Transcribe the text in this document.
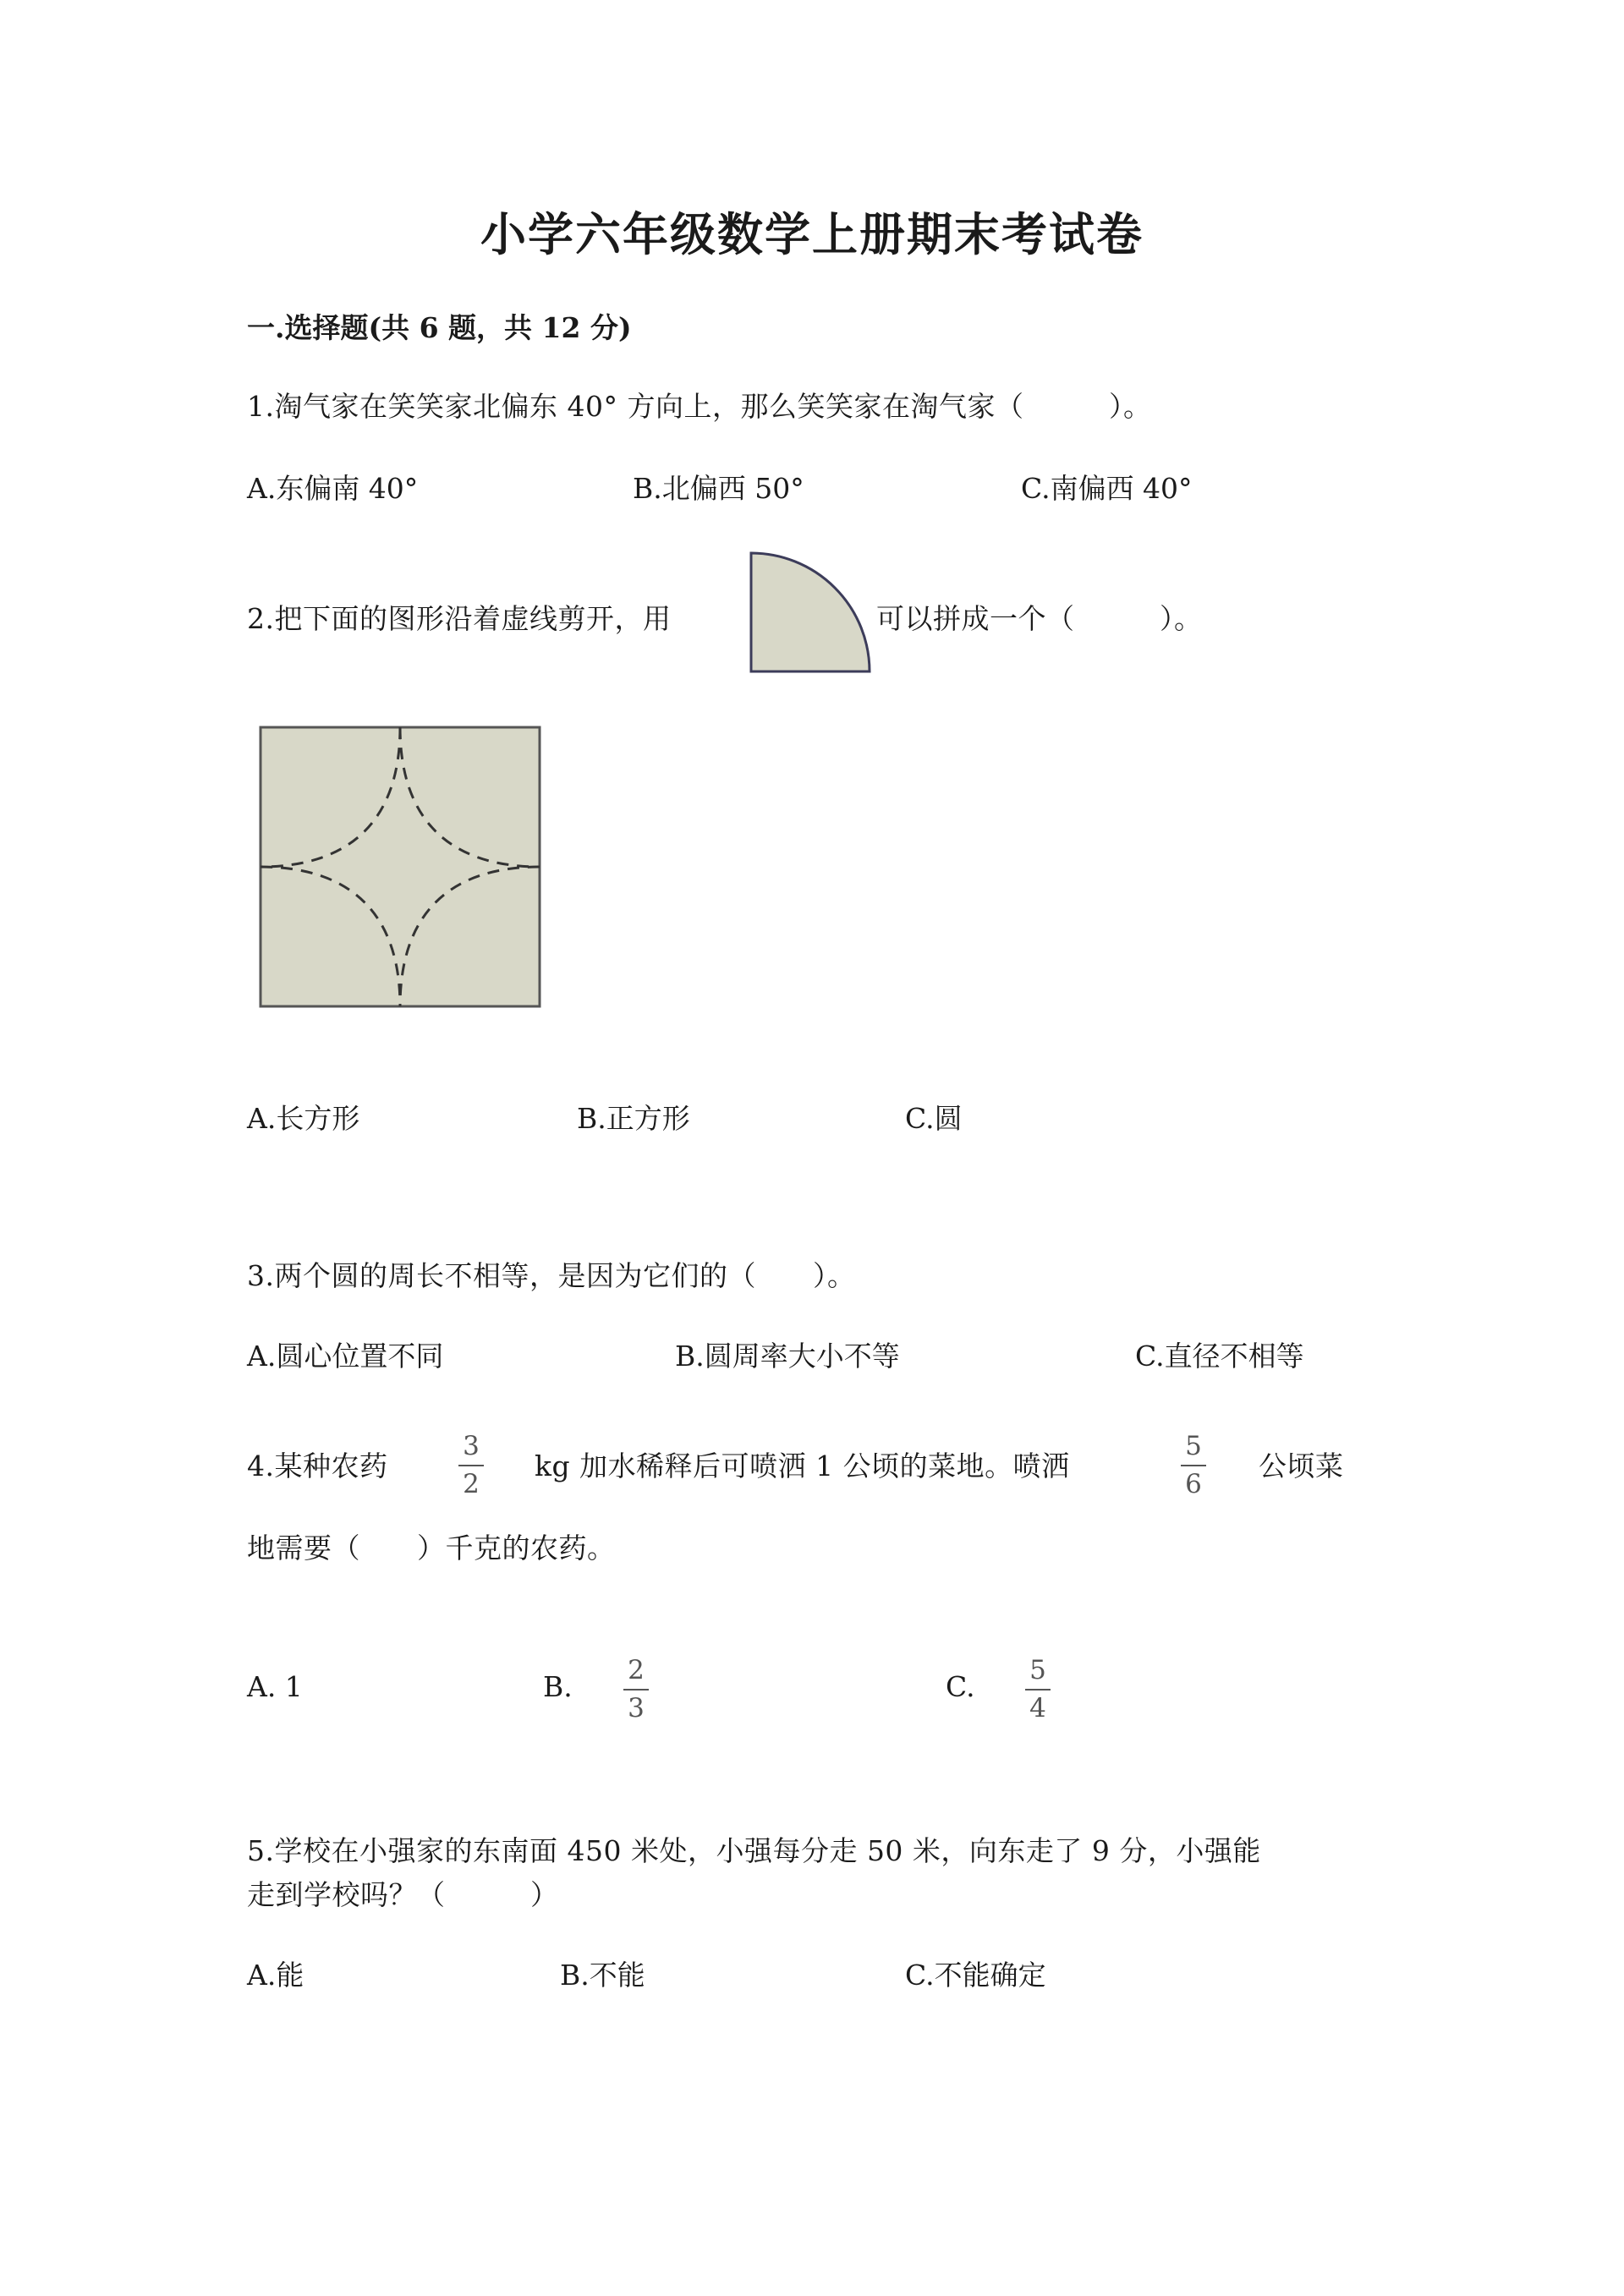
小学六年级数学上册期末考试卷
一.选择题(共 6 题，共 12 分)
1.淘气家在笑笑家北偏东 40° 方向上，那么笑笑家在淘气家（　　　）。
A.东偏南 40°	B.北偏西 50°	C.南偏西 40°
2.把下面的图形沿着虚线剪开，用	可以拼成一个（　　　）。
A.长方形	B.正方形	C.圆
3.两个圆的周长不相等，是因为它们的（　　）。
A.圆心位置不同	B.圆周率大小不等	C.直径不相等
4.某种农药
3
2
kg 加水稀释后可喷洒 1 公顷的菜地。喷洒
5
6
公顷菜
地需要（　　）千克的农药。
A. 1	B. 2
3
C. 5
4
5.学校在小强家的东南面 450 米处，小强每分走 50 米，向东走了 9 分，小强能
走到学校吗？（　　　）
A.能	B.不能	C.不能确定
